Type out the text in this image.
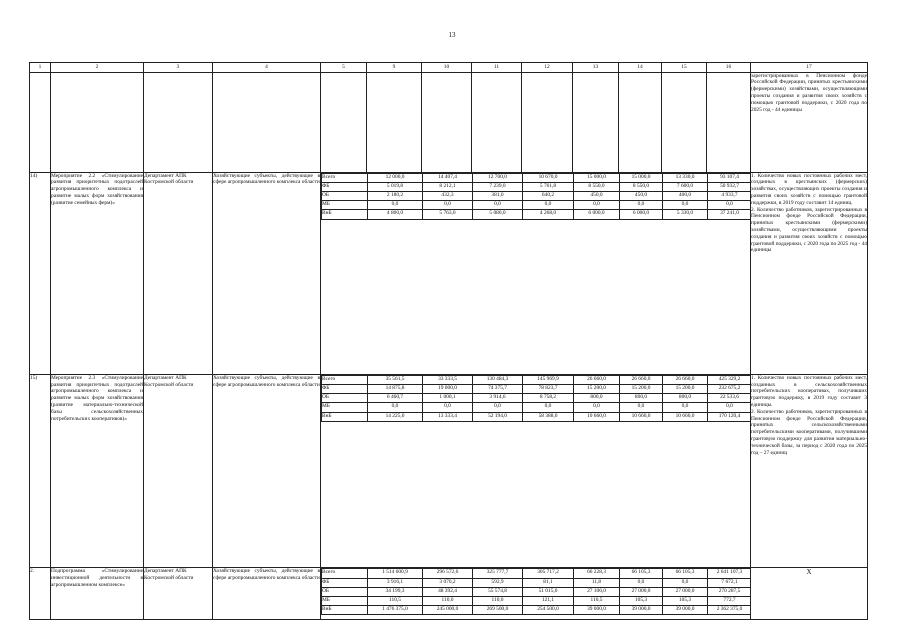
13
1	2	3	4	5	9	10	11	12	13	14	15	16	17

зарегистрированных в Пенсионном фонде Российской Федерации, принятых крестьянскими (фермерскими) хозяйствами, осуществляющими проекты создания и развития своих хозяйств с помощью грантовой поддержки, с 2020 года по 2025 год - 44 единицы

14)	Мероприятие 2.2 «Стимулирование развития приоритетных подотраслей агропромышленного комплекса и развитие малых форм хозяйствования (развитие семейных ферм)»	Департамент АПК Костромской области	Хозяйствующие субъекты, действующие в сфере агропромышленного комплекса области	
Всего	12 000,0	14 407,4	12 700,0	10 670,0	15 000,0	15 000,0	13 330,0	93 107,4
ФБ	5 019,8	8 212,1	7 239,0	5 761,8	8 550,0	8 550,0	7 600,0	50 932,7
ОБ	2 180,2	432,3	381,0	640,2	450,0	450,0	400,0	4 933,7
МБ	0,0	0,0	0,0	0,0	0,0	0,0	0,0	0,0
ВнБ	4 800,0	5 763,0	5 080,0	4 268,0	6 000,0	6 000,0	5 330,0	37 241,0

1. Количество новых постоянных рабочих мест, созданных в крестьянских (фермерских) хозяйствах, осуществляющих проекты создания и развития своих хозяйств с помощью грантовой поддержки, в 2019 году составит 14 единиц.
2. Количество работников, зарегистрированных в Пенсионном фонде Российской Федерации, принятых крестьянскими (фермерскими) хозяйствами, осуществляющими проекты создания и развития своих хозяйств с помощью грантовой поддержки, с 2020 года по 2025 год - 44 единицы

15)	Мероприятие 2.3 «Стимулирование развития приоритетных подотраслей агропромышленного комплекса и развитие малых форм хозяйствования (развитие материально-технической базы сельскохозяйственных потребительских кооперативов)»	Департамент АПК Костромской области	Хозяйствующие субъекты, действующие в сфере агропромышленного комплекса области	
Всего	35 561,5	33 333,5	130 484,3	145 969,9	26 660,0	26 660,0	26 660,0	425 329,2
ФБ	14 875,8	19 000,0	74 375,7	78 823,7	15 200,0	15 200,0	15 200,0	232 675,2
ОБ	6 460,7	1 000,1	3 914,6	8 758,2	800,0	800,0	800,0	22 533,6
МБ	0,0	0,0	0,0	0,0	0,0	0,0	0,0	0,0
ВнБ	14 225,0	13 333,4	52 194,0	58 388,0	10 660,0	10 660,0	10 660,0	170 120,4

1. Количество новых постоянных рабочих мест, созданных в сельскохозяйственных потребительских кооперативах, получивших грантовую поддержку, в 2019 году составит 3 единицы.
2. Количество работников, зарегистрированных в Пенсионном фонде Российской Федерации, принятых сельскохозяйственными потребительскими кооперативами, получившими грантовую поддержку для развития материально-технической базы, за период с 2020 года по 2025 год – 27 единиц

2.	Подпрограмма «Стимулирование инвестиционной деятельности в агропромышленном комплексе»	Департамент АПК Костромской области	Хозяйствующие субъекты, действующие в сфере агропромышленного комплекса области	
Всего	1 514 600,9	296 572,6	325 777,7	305 717,2	66 228,3	66 105,3	66 105,3	2 641 107,3
ФБ	3 916,1	3 070,2	592,9	81,1	11,8	0,0	0,0	7 672,1
ОБ	34 199,3	48 392,4	55 574,8	51 015,0	27 106,0	27 000,0	27 000,0	270 287,5
МБ	110,5	110,0	110,0	121,1	110,5	105,3	105,3	772,7
ВнБ	1 476 375,0	245 000,0	269 500,0	254 500,0	39 000,0	39 000,0	39 000,0	2 362 375,0

X
